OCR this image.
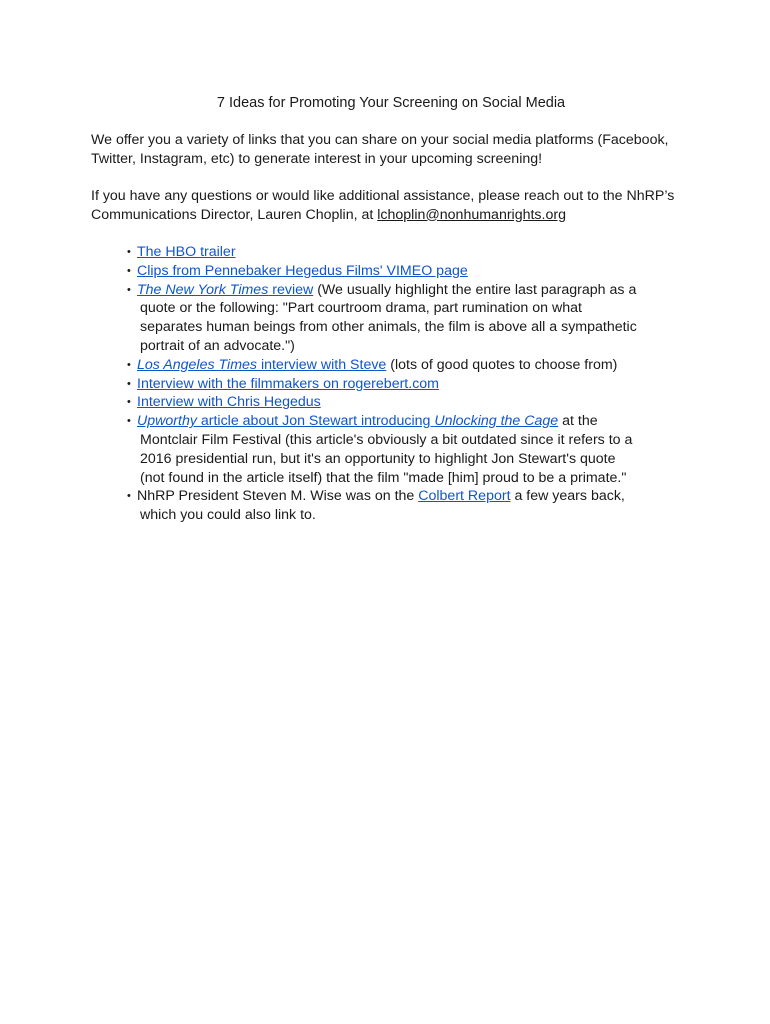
7 Ideas for Promoting Your Screening on Social Media

We offer you a variety of links that you can share on your social media platforms (Facebook, Twitter, Instagram, etc) to generate interest in your upcoming screening!

If you have any questions or would like additional assistance, please reach out to the NhRP’s Communications Director, Lauren Choplin, at lchoplin@nonhumanrights.org

• The HBO trailer
• Clips from Pennebaker Hegedus Films' VIMEO page
• The New York Times review (We usually highlight the entire last paragraph as a
quote or the following: "Part courtroom drama, part rumination on what
separates human beings from other animals, the film is above all a sympathetic
portrait of an advocate.")
• Los Angeles Times interview with Steve (lots of good quotes to choose from)
• Interview with the filmmakers on rogerebert.com
• Interview with Chris Hegedus
• Upworthy article about Jon Stewart introducing Unlocking the Cage at the
Montclair Film Festival (this article's obviously a bit outdated since it refers to a
2016 presidential run, but it's an opportunity to highlight Jon Stewart's quote
(not found in the article itself) that the film "made [him] proud to be a primate."
• NhRP President Steven M. Wise was on the Colbert Report a few years back,
which you could also link to.
